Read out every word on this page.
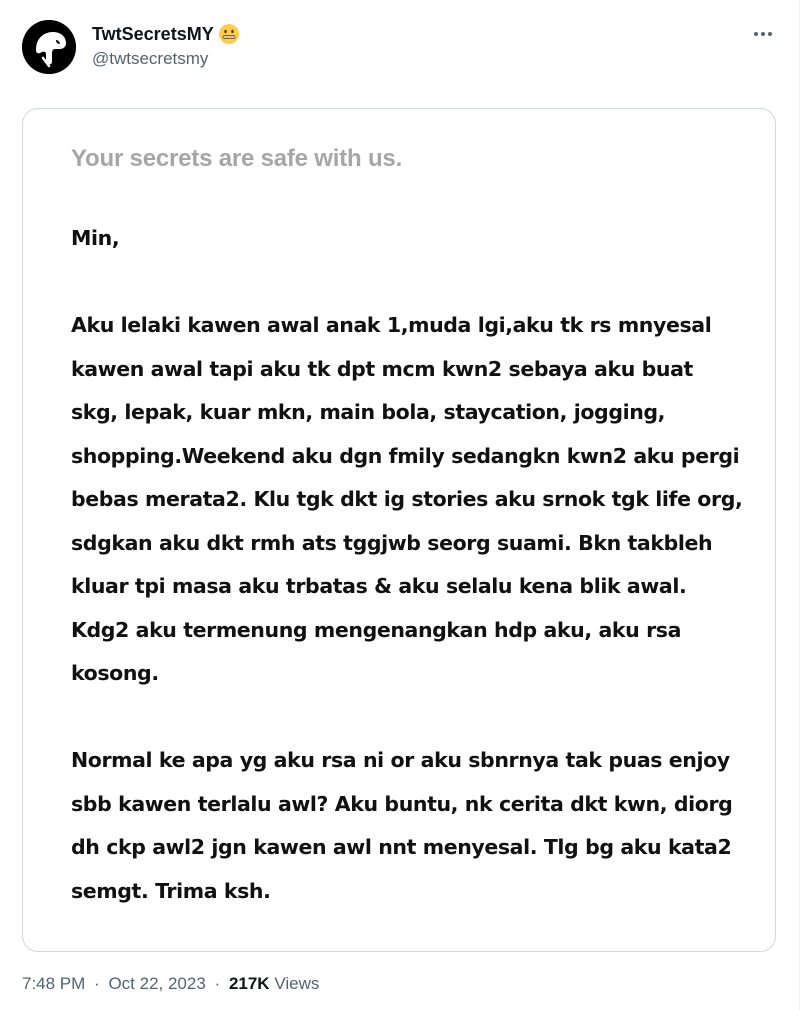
TwtSecretsMY
@twtsecretsmy
Your secrets are safe with us.

Min,

Aku lelaki kawen awal anak 1,muda lgi,aku tk rs mnyesal kawen awal tapi aku tk dpt mcm kwn2 sebaya aku buat skg, lepak, kuar mkn, main bola, staycation, jogging, shopping.Weekend aku dgn fmily sedangkn kwn2 aku pergi bebas merata2. Klu tgk dkt ig stories aku srnok tgk life org, sdgkan aku dkt rmh ats tggjwb seorg suami. Bkn takbleh kluar tpi masa aku trbatas & aku selalu kena blik awal. Kdg2 aku termenung mengenangkan hdp aku, aku rsa kosong.

Normal ke apa yg aku rsa ni or aku sbnrnya tak puas enjoy sbb kawen terlalu awl? Aku buntu, nk cerita dkt kwn, diorg dh ckp awl2 jgn kawen awl nnt menyesal. Tlg bg aku kata2 semgt. Trima ksh.

7:48 PM · Oct 22, 2023 · 217K Views
